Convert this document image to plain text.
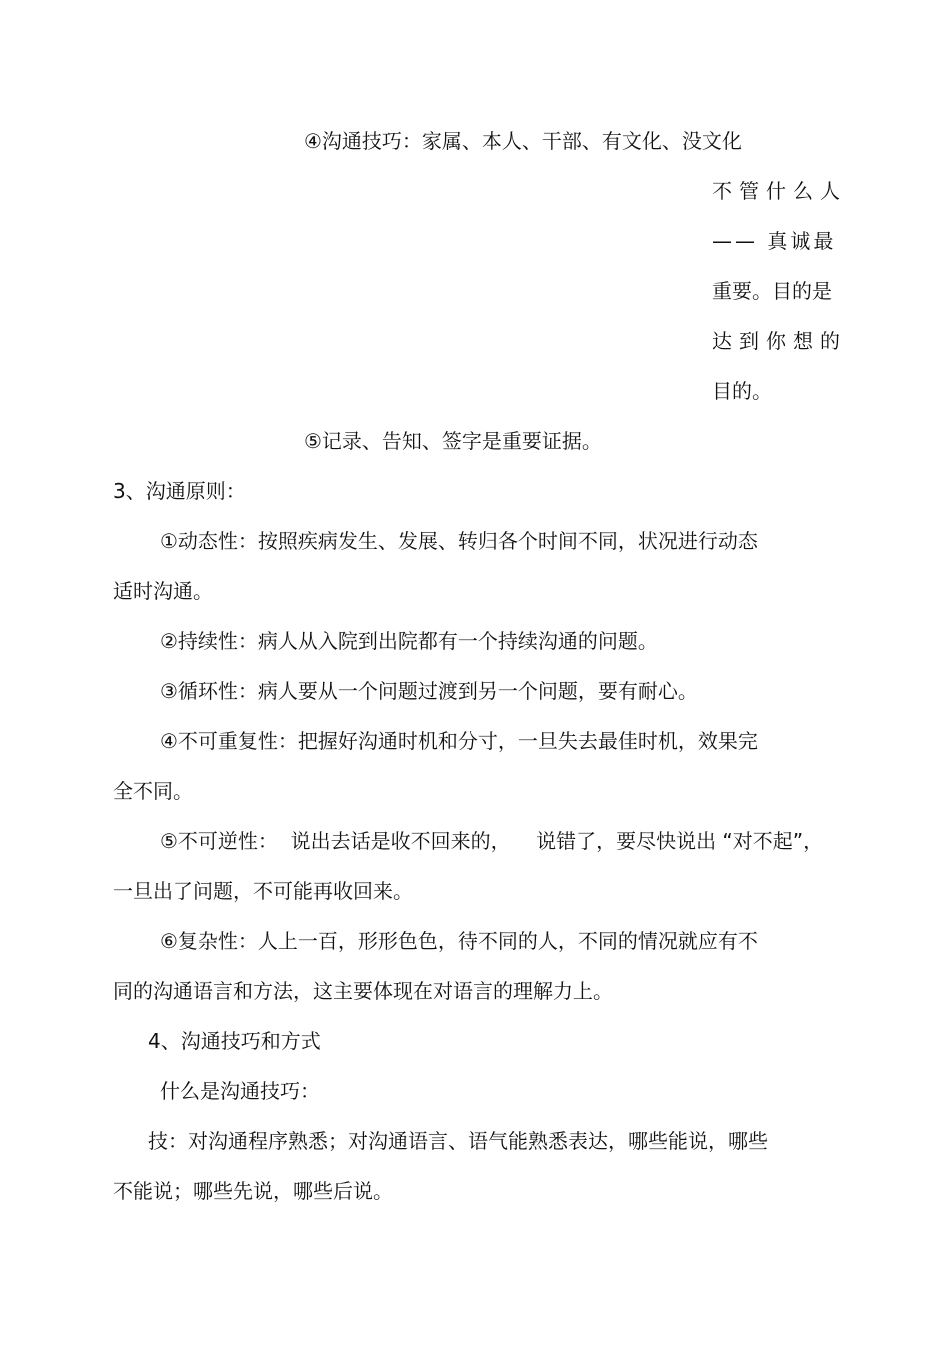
④沟通技巧：家属、本人、干部、有文化、没文化
不管什么人
—— 真诚最
重要。目的是
达到你想的
目的。
⑤记录、告知、签字是重要证据。
3、沟通原则：
①动态性：按照疾病发生、发展、转归各个时间不同，状况进行动态
适时沟通。
②持续性：病人从入院到出院都有一个持续沟通的问题。
③循环性：病人要从一个问题过渡到另一个问题，要有耐心。
④不可重复性：把握好沟通时机和分寸，一旦失去最佳时机，效果完
全不同。
⑤不可逆性：  说出去话是收不回来的，    说错了，要尽快说出 “对不起”，
一旦出了问题，不可能再收回来。
⑥复杂性：人上一百，形形色色，待不同的人，不同的情况就应有不
同的沟通语言和方法，这主要体现在对语言的理解力上。
4、沟通技巧和方式
什么是沟通技巧：
技：对沟通程序熟悉；对沟通语言、语气能熟悉表达，哪些能说，哪些
不能说；哪些先说，哪些后说。
